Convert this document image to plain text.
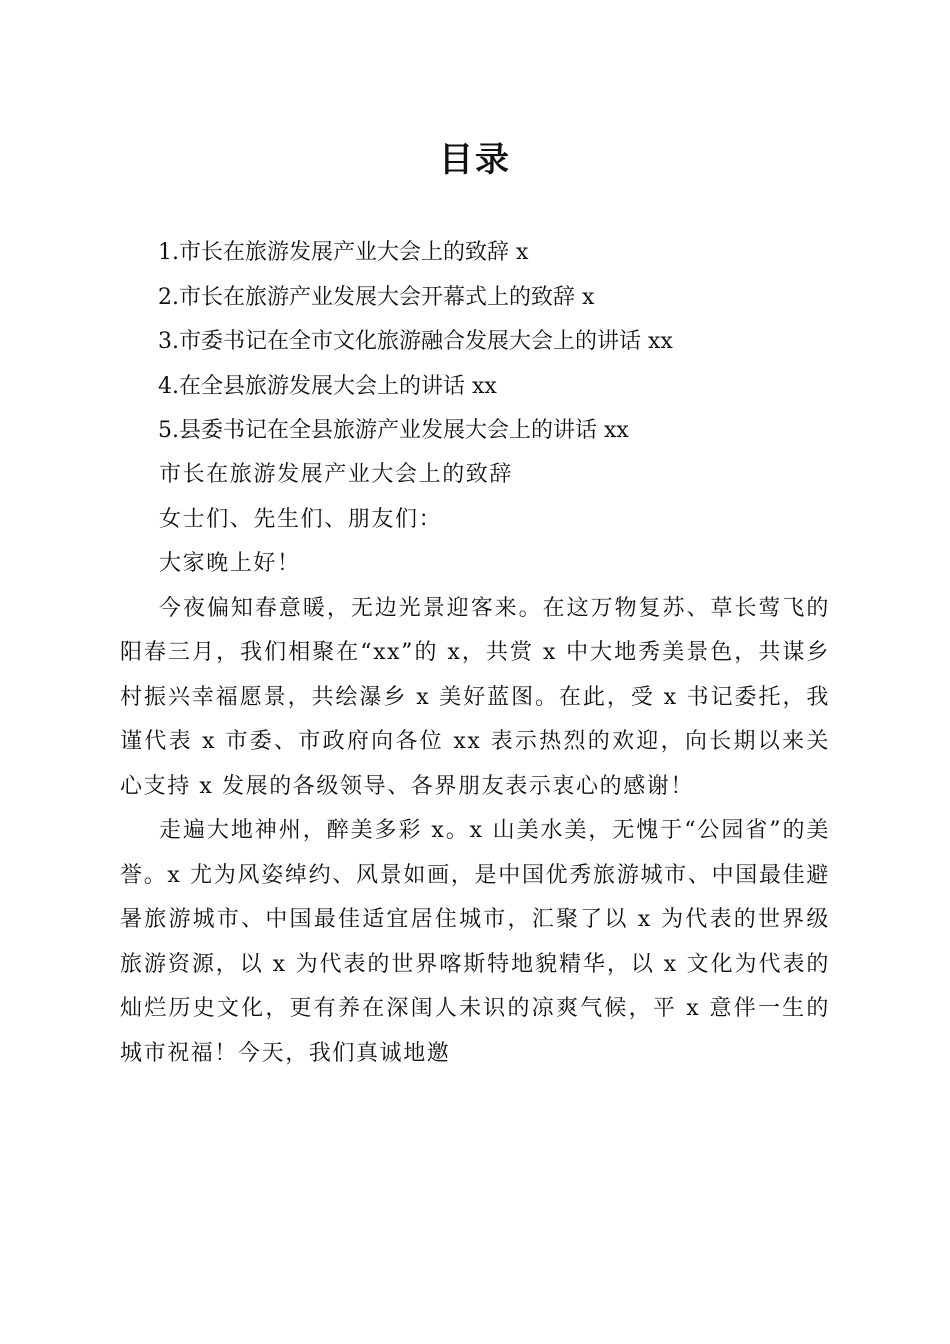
目录
1.市长在旅游发展产业大会上的致辞 x
2.市长在旅游产业发展大会开幕式上的致辞 x
3.市委书记在全市文化旅游融合发展大会上的讲话 xx
4.在全县旅游发展大会上的讲话 xx
5.县委书记在全县旅游产业发展大会上的讲话 xx

市长在旅游发展产业大会上的致辞

女士们、先生们、朋友们：

大家晚上好！

今夜偏知春意暖，无边光景迎客来。在这万物复苏、草长莺飞的阳春三月，我们相聚在“xx”的 x，共赏 x 中大地秀美景色，共谋乡村振兴幸福愿景，共绘瀑乡 x 美好蓝图。在此，受 x 书记委托，我谨代表 x 市委、市政府向各位 xx 表示热烈的欢迎，向长期以来关心支持 x 发展的各级领导、各界朋友表示衷心的感谢！

走遍大地神州，醉美多彩 x。x 山美水美，无愧于“公园省”的美誉。x 尤为风姿绰约、风景如画，是中国优秀旅游城市、中国最佳避暑旅游城市、中国最佳适宜居住城市，汇聚了以 x 为代表的世界级旅游资源，以 x 为代表的世界喀斯特地貌精华，以 x 文化为代表的灿烂历史文化，更有养在深闺人未识的凉爽气候，平 x 意伴一生的城市祝福！今天，我们真诚地邀
